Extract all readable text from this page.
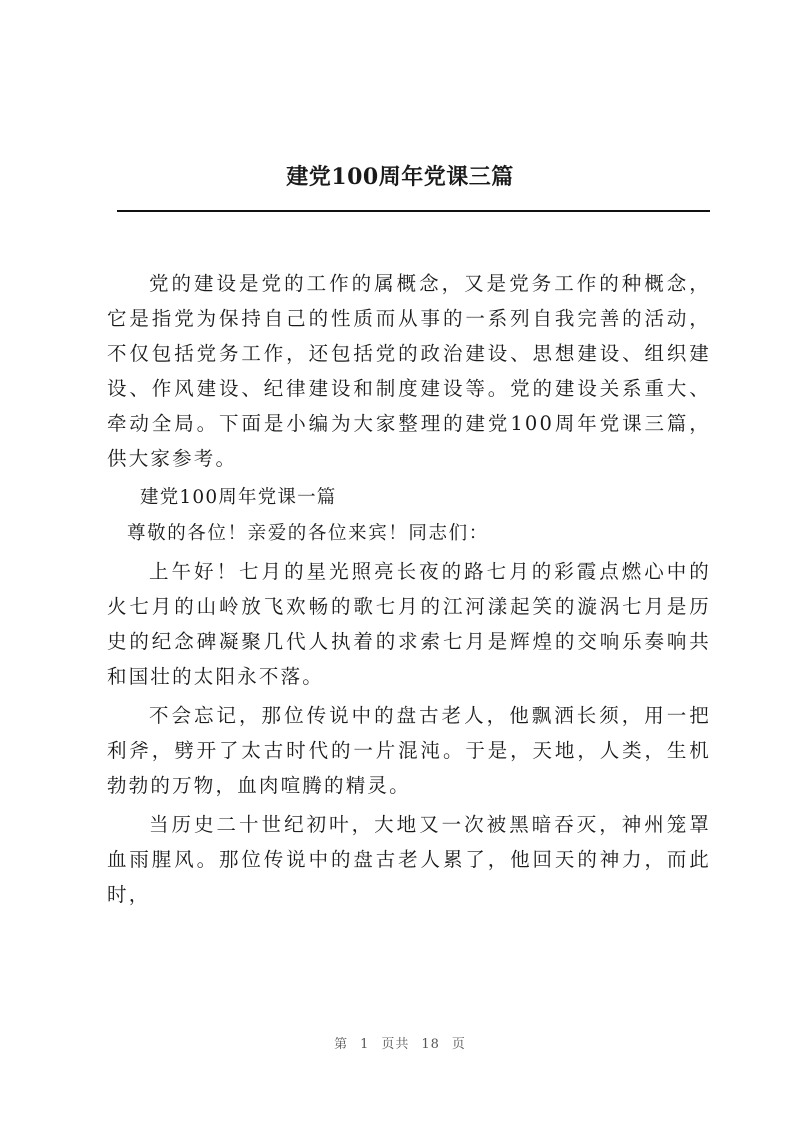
建党100周年党课三篇

党的建设是党的工作的属概念，又是党务工作的种概念，它是指党为保持自己的性质而从事的一系列自我完善的活动，不仅包括党务工作，还包括党的政治建设、思想建设、组织建设、作风建设、纪律建设和制度建设等。党的建设关系重大、牵动全局。下面是小编为大家整理的建党100周年党课三篇，供大家参考。

建党100周年党课一篇

尊敬的各位！亲爱的各位来宾！同志们：

上午好！七月的星光照亮长夜的路七月的彩霞点燃心中的火七月的山岭放飞欢畅的歌七月的江河漾起笑的漩涡七月是历史的纪念碑凝聚几代人执着的求索七月是辉煌的交响乐奏响共和国壮的太阳永不落。

不会忘记，那位传说中的盘古老人，他飘洒长须，用一把利斧，劈开了太古时代的一片混沌。于是，天地，人类，生机勃勃的万物，血肉喧腾的精灵。

当历史二十世纪初叶，大地又一次被黑暗吞灭，神州笼罩血雨腥风。那位传说中的盘古老人累了，他回天的神力，而此时，

第 1 页共 18 页
